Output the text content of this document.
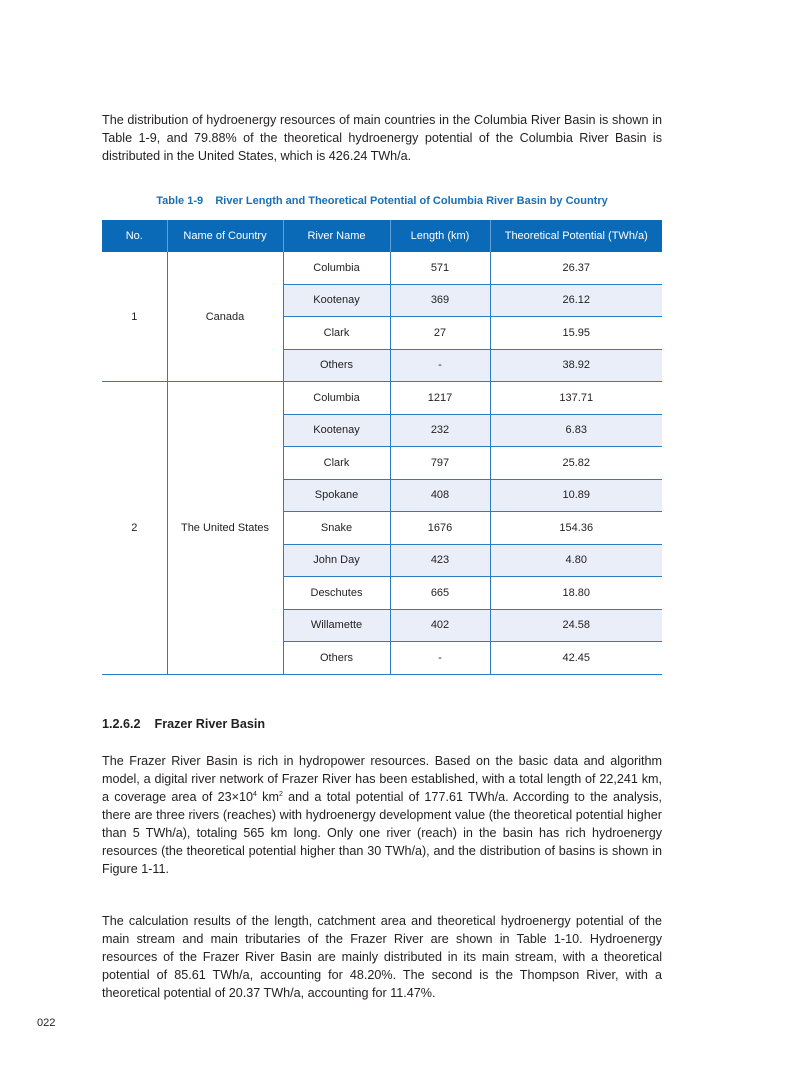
The distribution of hydroenergy resources of main countries in the Columbia River Basin is shown in Table 1-9, and 79.88% of the theoretical hydroenergy potential of the Columbia River Basin is distributed in the United States, which is 426.24 TWh/a.

Table 1-9    River Length and Theoretical Potential of Columbia River Basin by Country
No.	Name of Country	River Name	Length (km)	Theoretical Potential (TWh/a)
1	Canada	Columbia	571	26.37
		Kootenay	369	26.12
		Clark	27	15.95
		Others	-	38.92
2	The United States	Columbia	1217	137.71
		Kootenay	232	6.83
		Clark	797	25.82
		Spokane	408	10.89
		Snake	1676	154.36
		John Day	423	4.80
		Deschutes	665	18.80
		Willamette	402	24.58
		Others	-	42.45
1.2.6.2    Frazer River Basin

The Frazer River Basin is rich in hydropower resources. Based on the basic data and algorithm model, a digital river network of Frazer River has been established, with a total length of 22,241 km, a coverage area of $23\times 10^4$ $km^2$ and a total potential of 177.61 TWh/a. According to the analysis, there are three rivers (reaches) with hydroenergy development value (the theoretical potential higher than 5 TWh/a), totaling 565 km long. Only one river (reach) in the basin has rich hydroenergy resources (the theoretical potential higher than 30 TWh/a), and the distribution of basins is shown in Figure 1-11.

The calculation results of the length, catchment area and theoretical hydroenergy potential of the main stream and main tributaries of the Frazer River are shown in Table 1-10. Hydroenergy resources of the Frazer River Basin are mainly distributed in its main stream, with a theoretical potential of 85.61 TWh/a, accounting for 48.20%. The second is the Thompson River, with a theoretical potential of 20.37 TWh/a, accounting for 11.47%.

022
